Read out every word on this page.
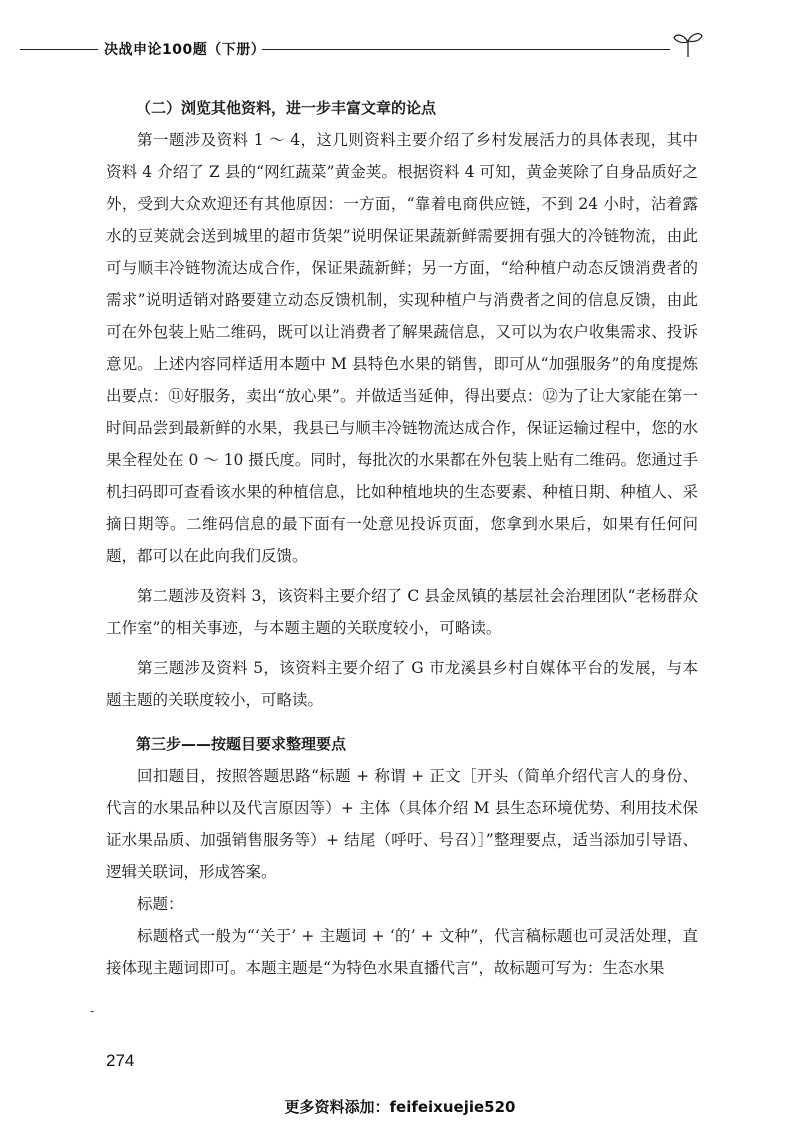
决战申论100题（下册）

（二）浏览其他资料，进一步丰富文章的论点

第一题涉及资料 1 ～ 4，这几则资料主要介绍了乡村发展活力的具体表现，其中资料 4 介绍了 Z 县的“网红蔬菜”黄金荚。根据资料 4 可知，黄金荚除了自身品质好之外，受到大众欢迎还有其他原因：一方面，“靠着电商供应链，不到 24 小时，沾着露水的豆荚就会送到城里的超市货架”说明保证果蔬新鲜需要拥有强大的冷链物流，由此可与顺丰冷链物流达成合作，保证果蔬新鲜；另一方面，“给种植户动态反馈消费者的需求”说明适销对路要建立动态反馈机制，实现种植户与消费者之间的信息反馈，由此可在外包装上贴二维码，既可以让消费者了解果蔬信息，又可以为农户收集需求、投诉意见。上述内容同样适用本题中 M 县特色水果的销售，即可从“加强服务”的角度提炼出要点：⑪好服务，卖出“放心果”。并做适当延伸，得出要点：⑫为了让大家能在第一时间品尝到最新鲜的水果，我县已与顺丰冷链物流达成合作，保证运输过程中，您的水果全程处在 0 ～ 10 摄氏度。同时，每批次的水果都在外包装上贴有二维码。您通过手机扫码即可查看该水果的种植信息，比如种植地块的生态要素、种植日期、种植人、采摘日期等。二维码信息的最下面有一处意见投诉页面，您拿到水果后，如果有任何问题，都可以在此向我们反馈。

第二题涉及资料 3，该资料主要介绍了 C 县金凤镇的基层社会治理团队“老杨群众工作室”的相关事迹，与本题主题的关联度较小，可略读。

第三题涉及资料 5，该资料主要介绍了 G 市龙溪县乡村自媒体平台的发展，与本题主题的关联度较小，可略读。

第三步——按题目要求整理要点

回扣题目，按照答题思路“标题 + 称谓 + 正文［开头（简单介绍代言人的身份、代言的水果品种以及代言原因等）+ 主体（具体介绍 M 县生态环境优势、利用技术保证水果品质、加强销售服务等）+ 结尾（呼吁、号召）］”整理要点，适当添加引导语、逻辑关联词，形成答案。

标题：

标题格式一般为“‘关于’ + 主题词 + ‘的’ + 文种”，代言稿标题也可灵活处理，直接体现主题词即可。本题主题是“为特色水果直播代言”，故标题可写为：生态水果

-
274
更多资料添加：feifeixuejie520
